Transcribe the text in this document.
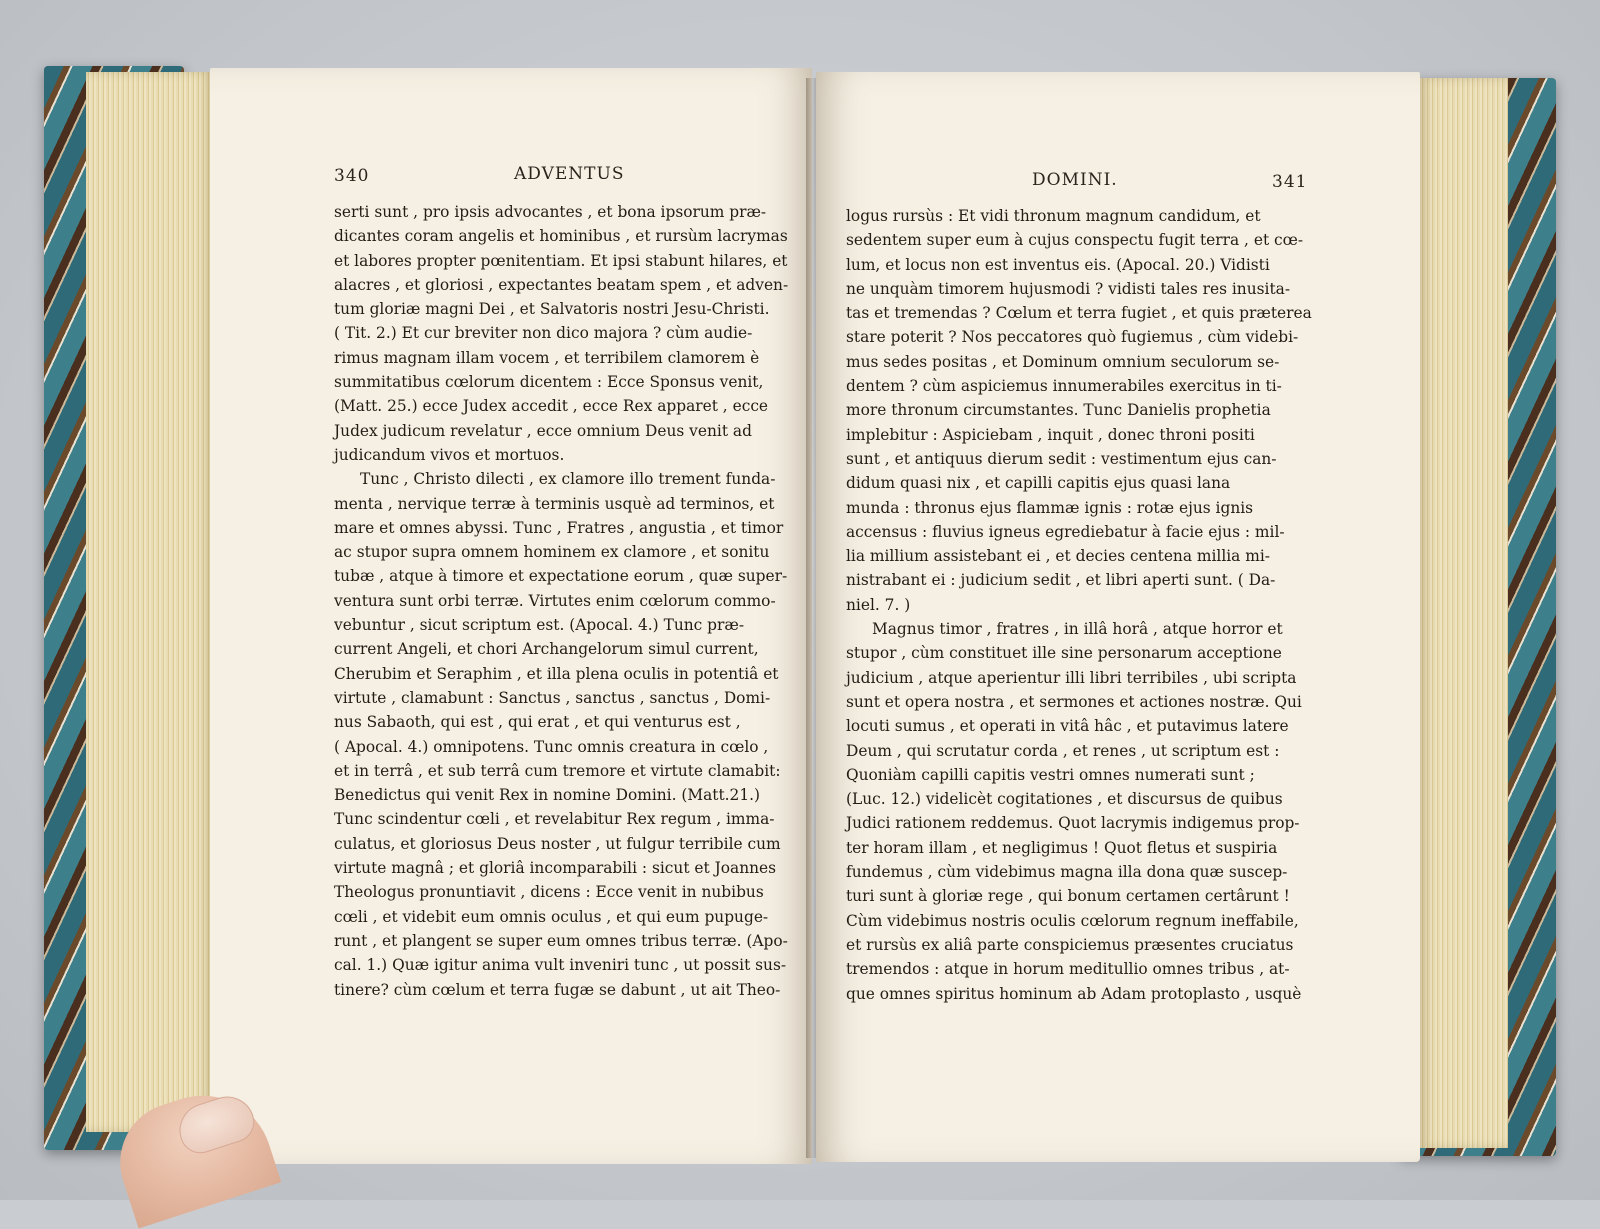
340	ADVENTUS
serti sunt , pro ipsis advocantes , et bona ipsorum præ-
dicantes coram angelis et hominibus , et rursùm lacrymas
et labores propter pœnitentiam. Et ipsi stabunt hilares, et
alacres , et gloriosi , expectantes beatam spem , et adven-
tum gloriæ magni Dei , et Salvatoris nostri Jesu-Christi.
( Tit. 2.) Et cur breviter non dico majora ? cùm audie-
rimus magnam illam vocem , et terribilem clamorem è
summitatibus cœlorum dicentem : Ecce Sponsus venit,
(Matt. 25.) ecce Judex accedit , ecce Rex apparet , ecce
Judex judicum revelatur , ecce omnium Deus venit ad
judicandum vivos et mortuos.
Tunc , Christo dilecti , ex clamore illo trement funda-
menta , nervique terræ à terminis usquè ad terminos, et
mare et omnes abyssi. Tunc , Fratres , angustia , et timor
ac stupor supra omnem hominem ex clamore , et sonitu
tubæ , atque à timore et expectatione eorum , quæ super-
ventura sunt orbi terræ. Virtutes enim cœlorum commo-
vebuntur , sicut scriptum est. (Apocal. 4.) Tunc præ-
current Angeli, et chori Archangelorum simul current,
Cherubim et Seraphim , et illa plena oculis in potentiâ et
virtute , clamabunt : Sanctus , sanctus , sanctus , Domi-
nus Sabaoth, qui est , qui erat , et qui venturus est ,
( Apocal. 4.) omnipotens. Tunc omnis creatura in cœlo ,
et in terrâ , et sub terrâ cum tremore et virtute clamabit:
Benedictus qui venit Rex in nomine Domini. (Matt.21.)
Tunc scindentur cœli , et revelabitur Rex regum , imma-
culatus, et gloriosus Deus noster , ut fulgur terribile cum
virtute magnâ ; et gloriâ incomparabili : sicut et Joannes
Theologus pronuntiavit , dicens : Ecce venit in nubibus
cœli , et videbit eum omnis oculus , et qui eum pupuge-
runt , et plangent se super eum omnes tribus terræ. (Apo-
cal. 1.) Quæ igitur anima vult inveniri tunc , ut possit sus-
tinere? cùm cœlum et terra fugæ se dabunt , ut ait Theo-
DOMINI.	341
logus rursùs : Et vidi thronum magnum candidum, et
sedentem super eum à cujus conspectu fugit terra , et cœ-
lum, et locus non est inventus eis. (Apocal. 20.) Vidisti
ne unquàm timorem hujusmodi ? vidisti tales res inusita-
tas et tremendas ? Cœlum et terra fugiet , et quis præterea
stare poterit ? Nos peccatores quò fugiemus , cùm videbi-
mus sedes positas , et Dominum omnium seculorum se-
dentem ? cùm aspiciemus innumerabiles exercitus in ti-
more thronum circumstantes. Tunc Danielis prophetia
implebitur : Aspiciebam , inquit , donec throni positi
sunt , et antiquus dierum sedit : vestimentum ejus can-
didum quasi nix , et capilli capitis ejus quasi lana
munda : thronus ejus flammæ ignis : rotæ ejus ignis
accensus : fluvius igneus egrediebatur à facie ejus : mil-
lia millium assistebant ei , et decies centena millia mi-
nistrabant ei : judicium sedit , et libri aperti sunt. ( Da-
niel. 7. )
Magnus timor , fratres , in illâ horâ , atque horror et
stupor , cùm constituet ille sine personarum acceptione
judicium , atque aperientur illi libri terribiles , ubi scripta
sunt et opera nostra , et sermones et actiones nostræ. Qui
locuti sumus , et operati in vitâ hâc , et putavimus latere
Deum , qui scrutatur corda , et renes , ut scriptum est :
Quoniàm capilli capitis vestri omnes numerati sunt ;
(Luc. 12.) videlicèt cogitationes , et discursus de quibus
Judici rationem reddemus. Quot lacrymis indigemus prop-
ter horam illam , et negligimus ! Quot fletus et suspiria
fundemus , cùm videbimus magna illa dona quæ suscep-
turi sunt à gloriæ rege , qui bonum certamen certârunt !
Cùm videbimus nostris oculis cœlorum regnum ineffabile,
et rursùs ex aliâ parte conspiciemus præsentes cruciatus
tremendos : atque in horum meditullio omnes tribus , at-
que omnes spiritus hominum ab Adam protoplasto , usquè
